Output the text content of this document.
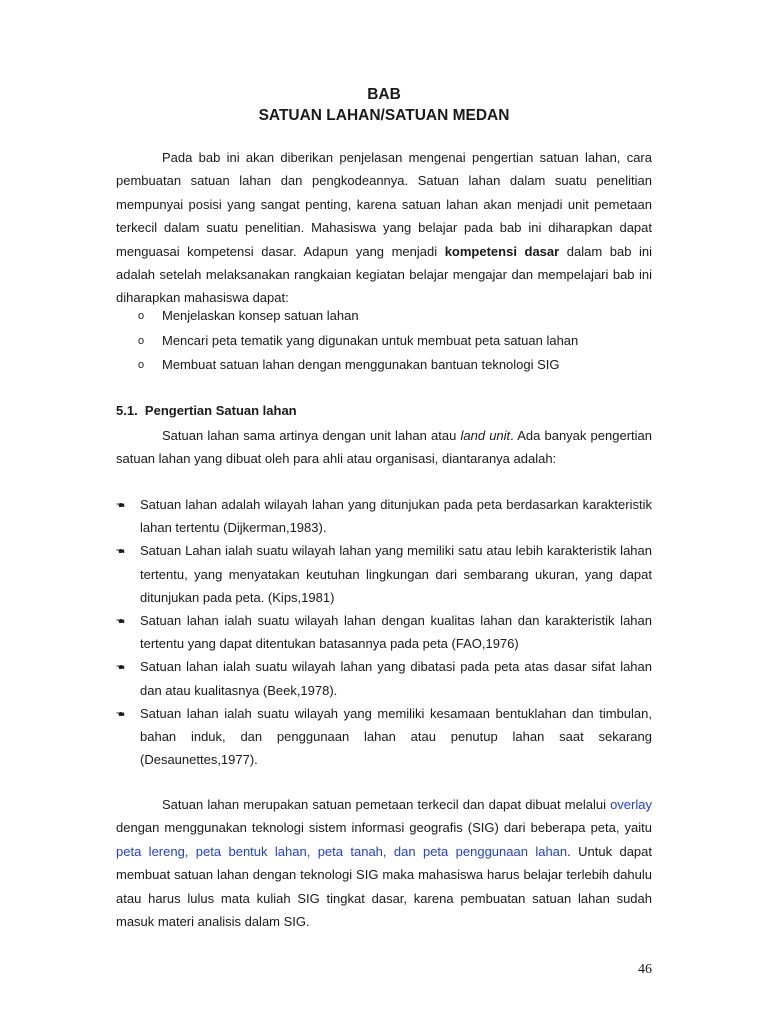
BAB
SATUAN LAHAN/SATUAN MEDAN

Pada bab ini akan diberikan penjelasan mengenai pengertian satuan lahan, cara pembuatan satuan lahan dan pengkodeannya. Satuan lahan dalam suatu penelitian mempunyai posisi yang sangat penting, karena satuan lahan akan menjadi unit pemetaan terkecil dalam suatu penelitian. Mahasiswa yang belajar pada bab ini diharapkan dapat menguasai kompetensi dasar. Adapun yang menjadi kompetensi dasar dalam bab ini adalah setelah melaksanakan rangkaian kegiatan belajar mengajar dan mempelajari bab ini diharapkan mahasiswa dapat:

o Menjelaskan konsep satuan lahan
o Mencari peta tematik yang digunakan untuk membuat peta satuan lahan
o Membuat satuan lahan dengan menggunakan bantuan teknologi SIG
5.1. Pengertian Satuan lahan

Satuan lahan sama artinya dengan unit lahan atau land unit. Ada banyak pengertian satuan lahan yang dibuat oleh para ahli atau organisasi, diantaranya adalah:

🖜 Satuan lahan adalah wilayah lahan yang ditunjukan pada peta berdasarkan karakteristik lahan tertentu (Dijkerman,1983).
🖜 Satuan Lahan ialah suatu wilayah lahan yang memiliki satu atau lebih karakteristik lahan tertentu, yang menyatakan keutuhan lingkungan dari sembarang ukuran, yang dapat ditunjukan pada peta. (Kips,1981)
🖜 Satuan lahan ialah suatu wilayah lahan dengan kualitas lahan dan karakteristik lahan tertentu yang dapat ditentukan batasannya pada peta (FAO,1976)
🖜 Satuan lahan ialah suatu wilayah lahan yang dibatasi pada peta atas dasar sifat lahan dan atau kualitasnya (Beek,1978).
🖜 Satuan lahan ialah suatu wilayah yang memiliki kesamaan bentuklahan dan timbulan, bahan induk, dan penggunaan lahan atau penutup lahan saat sekarang (Desaunettes,1977).

Satuan lahan merupakan satuan pemetaan terkecil dan dapat dibuat melalui overlay dengan menggunakan teknologi sistem informasi geografis (SIG) dari beberapa peta, yaitu peta lereng, peta bentuk lahan, peta tanah, dan peta penggunaan lahan. Untuk dapat membuat satuan lahan dengan teknologi SIG maka mahasiswa harus belajar terlebih dahulu atau harus lulus mata kuliah SIG tingkat dasar, karena pembuatan satuan lahan sudah masuk materi analisis dalam SIG.

46
